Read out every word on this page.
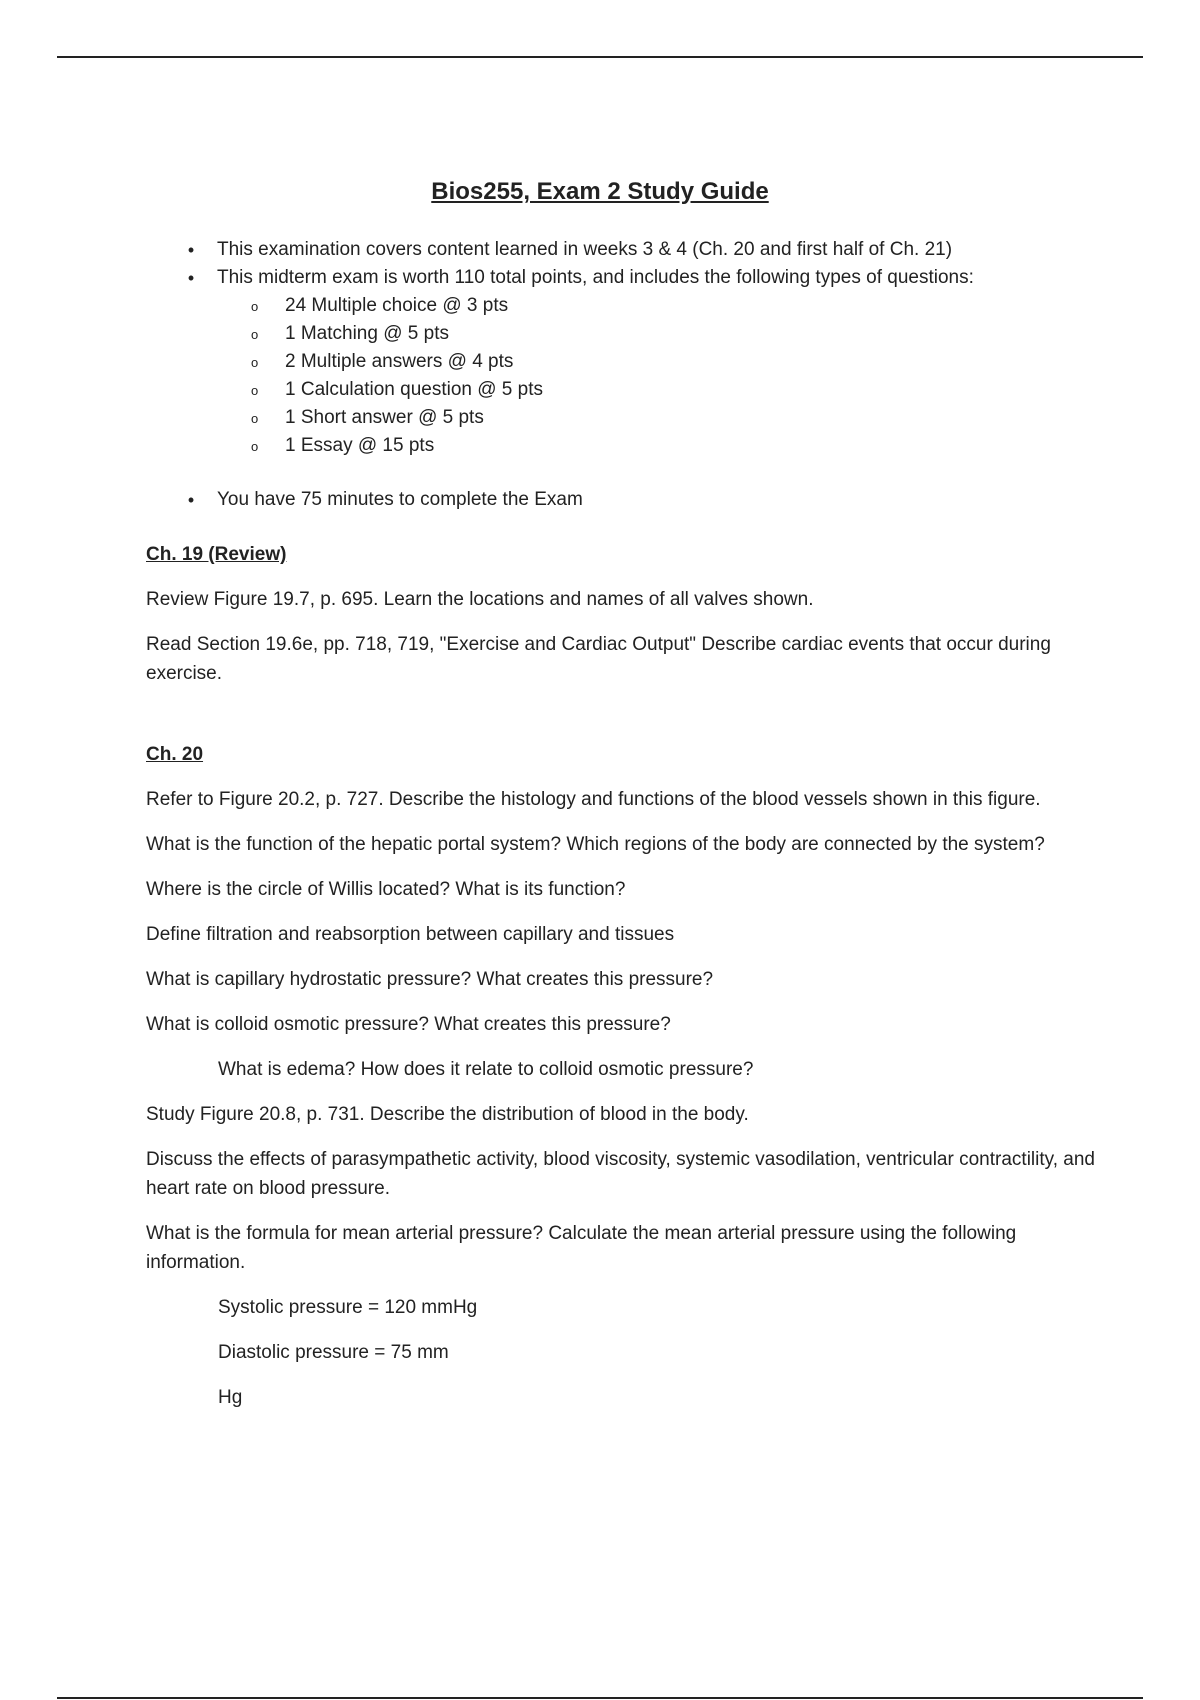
Bios255, Exam 2 Study Guide
• This examination covers content learned in weeks 3 & 4 (Ch. 20 and first half of Ch. 21)
• This midterm exam is worth 110 total points, and includes the following types of questions:
o 24 Multiple choice @ 3 pts
o 1 Matching @ 5 pts
o 2 Multiple answers @ 4 pts
o 1 Calculation question @ 5 pts
o 1 Short answer @ 5 pts
o 1 Essay @ 15 pts
• You have 75 minutes to complete the Exam

Ch. 19 (Review)

Review Figure 19.7, p. 695. Learn the locations and names of all valves shown.

Read Section 19.6e, pp. 718, 719, "Exercise and Cardiac Output" Describe cardiac events that occur during exercise.

Ch. 20

Refer to Figure 20.2, p. 727. Describe the histology and functions of the blood vessels shown in this figure.

What is the function of the hepatic portal system? Which regions of the body are connected by the system?

Where is the circle of Willis located? What is its function?

Define filtration and reabsorption between capillary and tissues

What is capillary hydrostatic pressure? What creates this pressure?

What is colloid osmotic pressure? What creates this pressure?

What is edema? How does it relate to colloid osmotic pressure?

Study Figure 20.8, p. 731. Describe the distribution of blood in the body.

Discuss the effects of parasympathetic activity, blood viscosity, systemic vasodilation, ventricular contractility, and heart rate on blood pressure.

What is the formula for mean arterial pressure? Calculate the mean arterial pressure using the following information.

Systolic pressure = 120 mmHg

Diastolic pressure = 75 mm

Hg
